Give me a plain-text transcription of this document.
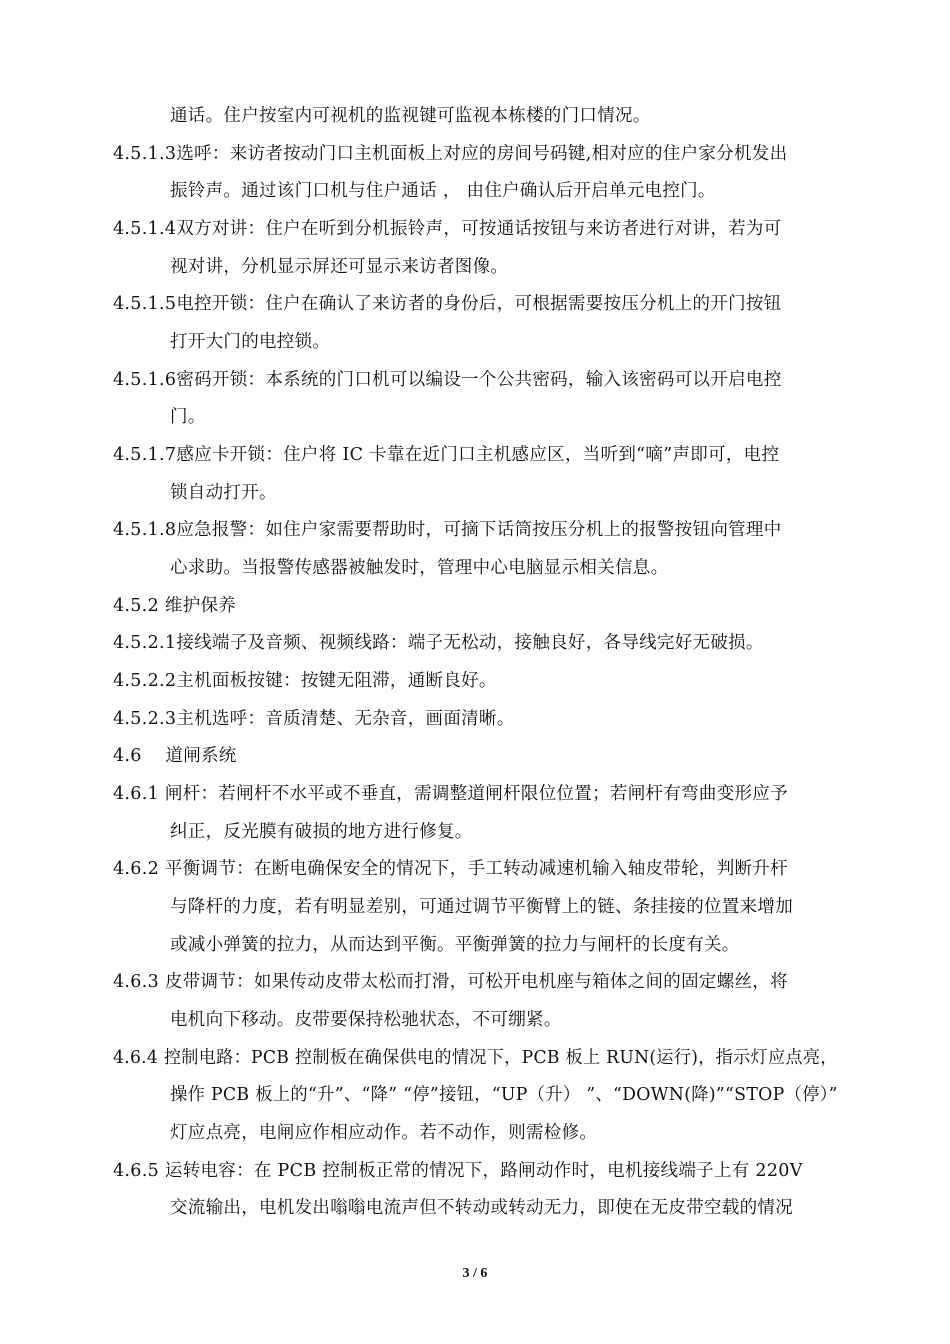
通话。住户按室内可视机的监视键可监视本栋楼的门口情况。
4.5.1.3选呼：来访者按动门口主机面板上对应的房间号码键,相对应的住户家分机发出
振铃声。通过该门口机与住户通话 ， 由住户确认后开启单元电控门。
4.5.1.4双方对讲：住户在听到分机振铃声，可按通话按钮与来访者进行对讲，若为可
视对讲，分机显示屏还可显示来访者图像。
4.5.1.5电控开锁：住户在确认了来访者的身份后，可根据需要按压分机上的开门按钮
打开大门的电控锁。
4.5.1.6密码开锁：本系统的门口机可以编设一个公共密码，输入该密码可以开启电控
门。
4.5.1.7感应卡开锁：住户将 IC 卡靠在近门口主机感应区，当听到“嘀”声即可，电控
锁自动打开。
4.5.1.8应急报警：如住户家需要帮助时，可摘下话筒按压分机上的报警按钮向管理中
心求助。当报警传感器被触发时，管理中心电脑显示相关信息。
4.5.2 维护保养
4.5.2.1接线端子及音频、视频线路：端子无松动，接触良好，各导线完好无破损。
4.5.2.2主机面板按键：按键无阻滞，通断良好。
4.5.2.3主机选呼：音质清楚、无杂音，画面清晰。
4.6　 道闸系统
4.6.1 闸杆：若闸杆不水平或不垂直，需调整道闸杆限位位置；若闸杆有弯曲变形应予
纠正，反光膜有破损的地方进行修复。
4.6.2 平衡调节：在断电确保安全的情况下，手工转动减速机输入轴皮带轮，判断升杆
与降杆的力度，若有明显差别，可通过调节平衡臂上的链、条挂接的位置来增加
或减小弹簧的拉力，从而达到平衡。平衡弹簧的拉力与闸杆的长度有关。
4.6.3 皮带调节：如果传动皮带太松而打滑，可松开电机座与箱体之间的固定螺丝，将
电机向下移动。皮带要保持松驰状态，不可绷紧。
4.6.4 控制电路：PCB 控制板在确保供电的情况下，PCB 板上 RUN(运行)，指示灯应点亮，
操作 PCB 板上的“升”、“降” “停”接钮，“UP（升） ”、“DOWN(降)”“STOP（停）”
灯应点亮，电闸应作相应动作。若不动作，则需检修。
4.6.5 运转电容：在 PCB 控制板正常的情况下，路闸动作时，电机接线端子上有 220V
交流输出，电机发出嗡嗡电流声但不转动或转动无力，即使在无皮带空载的情况
3 / 6
